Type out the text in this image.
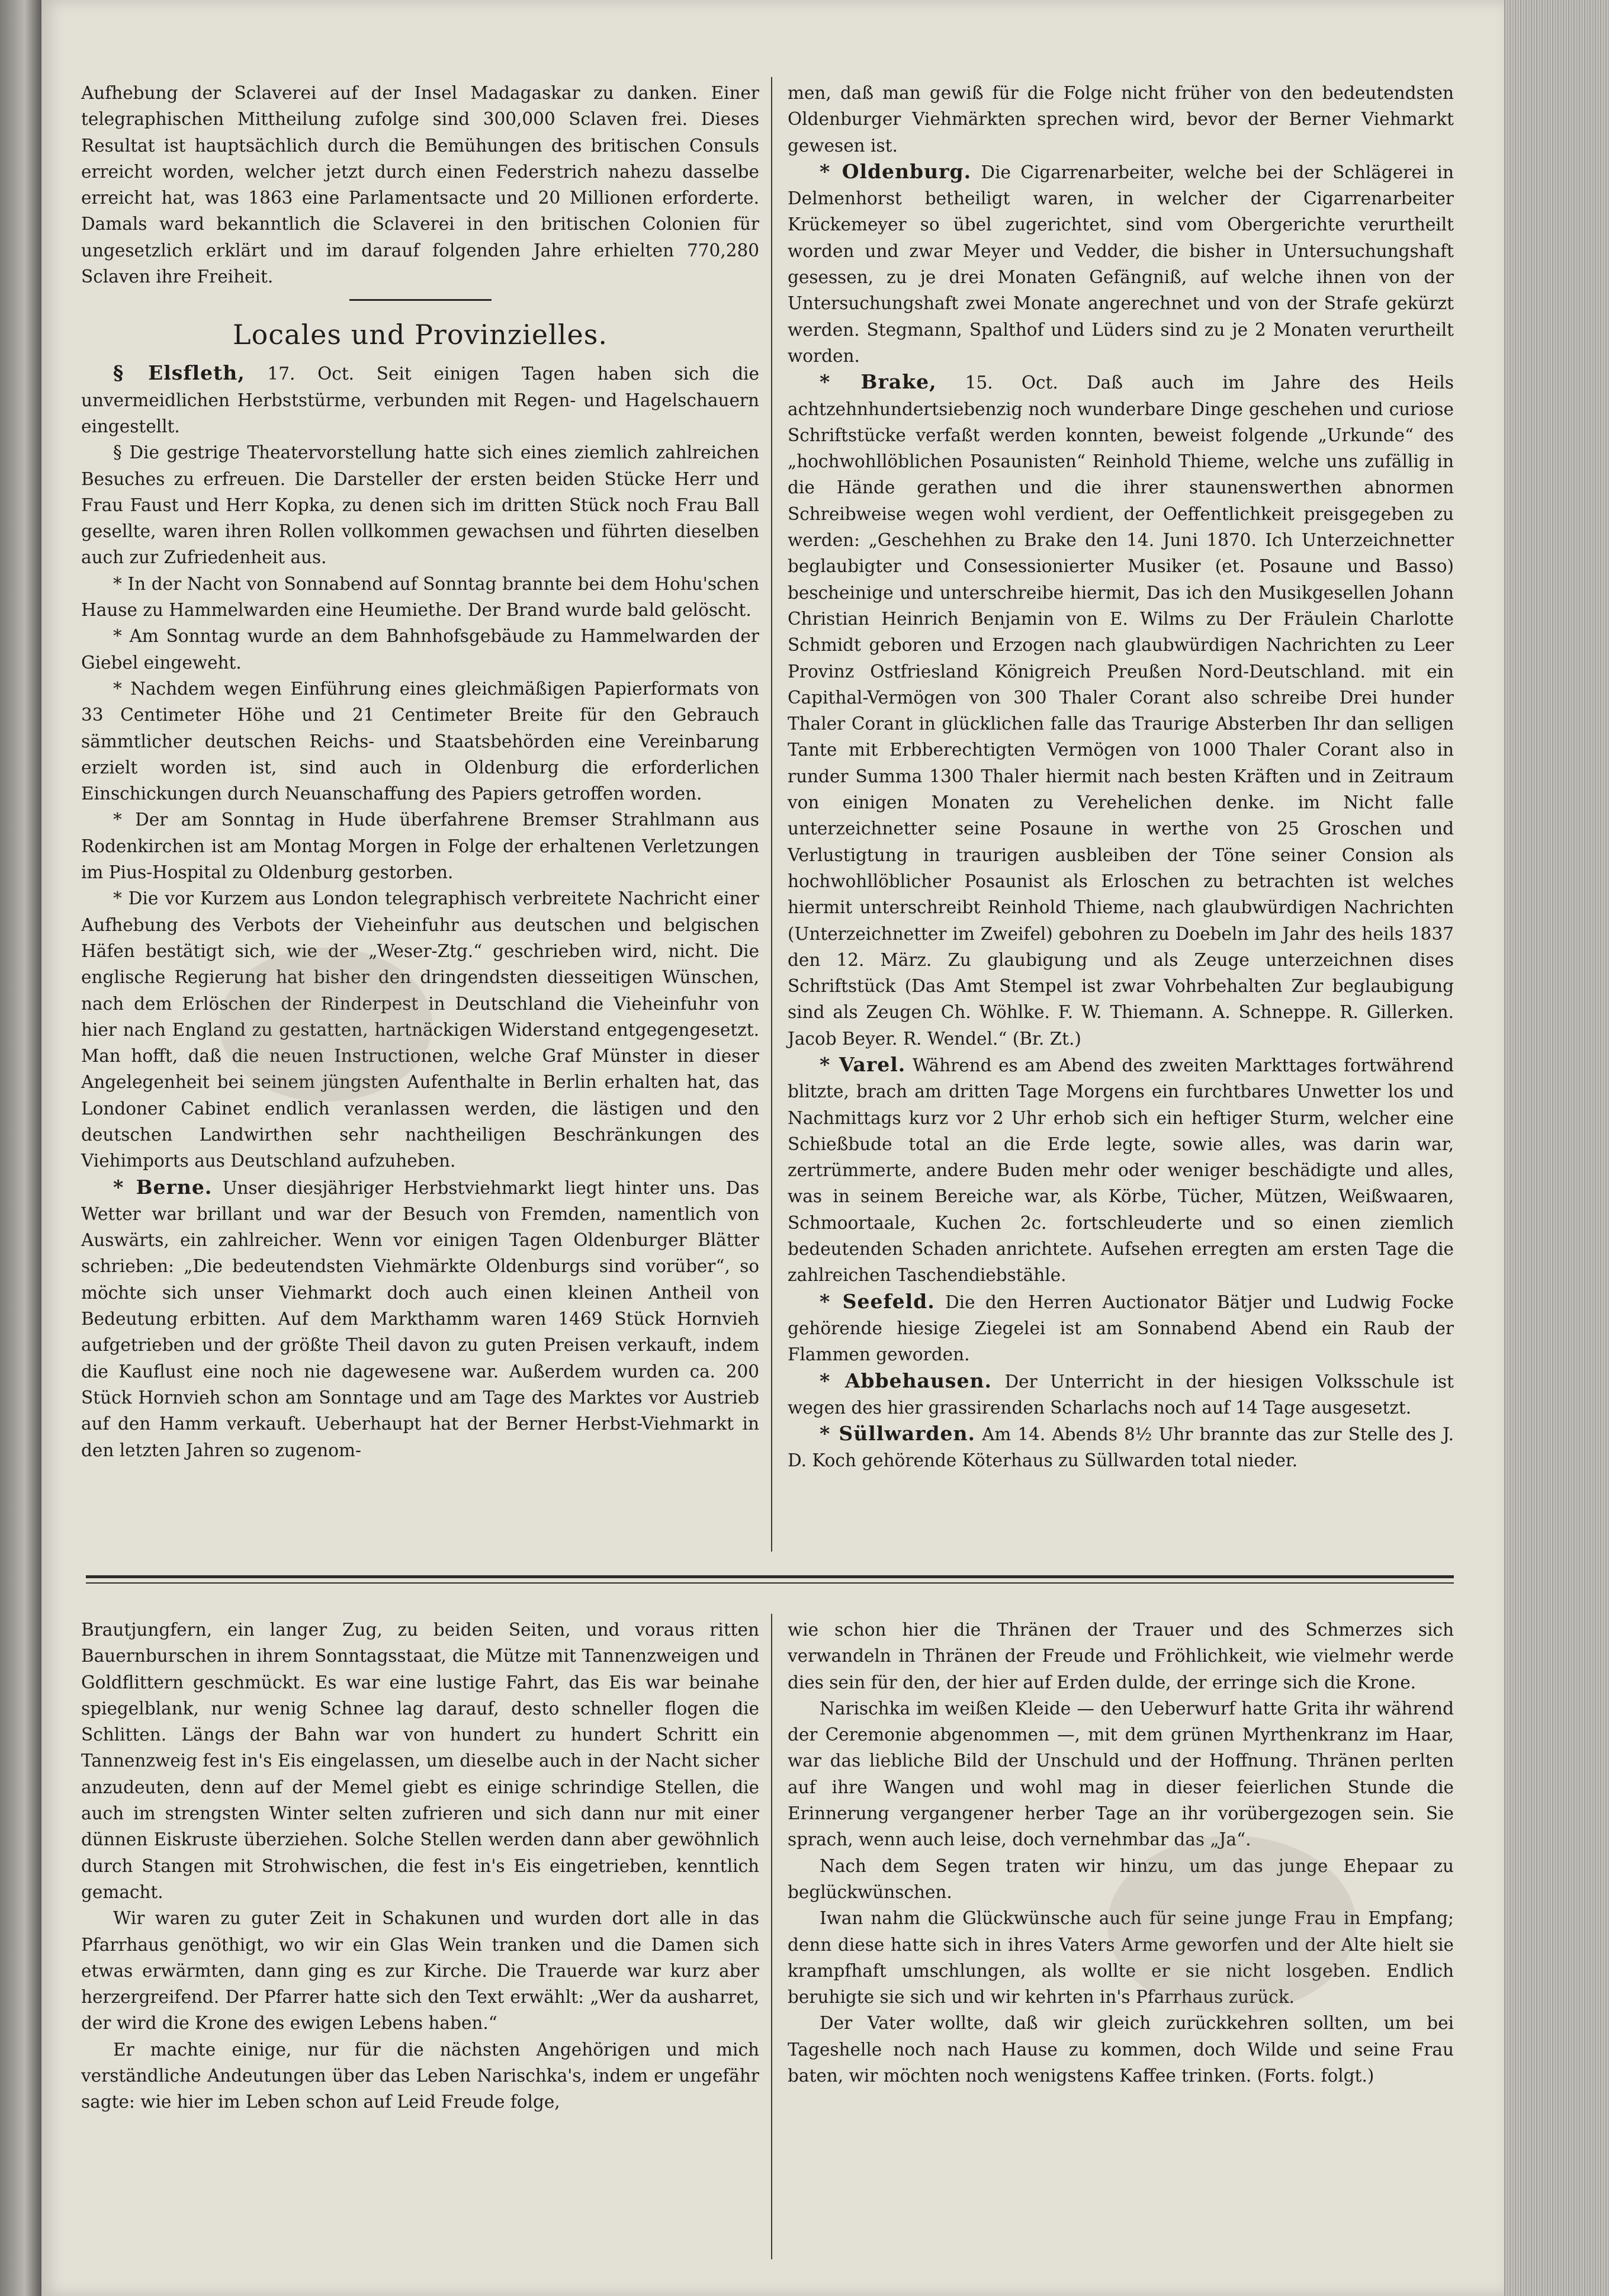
Aufhebung der Sclaverei auf der Insel Madagaskar zu danken. Einer telegraphischen Mittheilung zufolge sind 300,000 Sclaven frei. Dieses Resultat ist hauptsächlich durch die Bemühungen des britischen Consuls erreicht worden, welcher jetzt durch einen Federstrich nahezu dasselbe erreicht hat, was 1863 eine Parlamentsacte und 20 Millionen erforderte. Damals ward bekanntlich die Sclaverei in den britischen Colonien für ungesetzlich erklärt und im darauf folgenden Jahre erhielten 770,280 Sclaven ihre Freiheit.

Locales und Provinzielles.

§ Elsfleth, 17. Oct. Seit einigen Tagen haben sich die unvermeidlichen Herbststürme, verbunden mit Regen- und Hagelschauern eingestellt.

§ Die gestrige Theatervorstellung hatte sich eines ziemlich zahlreichen Besuches zu erfreuen. Die Darsteller der ersten beiden Stücke Herr und Frau Faust und Herr Kopka, zu denen sich im dritten Stück noch Frau Ball gesellte, waren ihren Rollen vollkommen gewachsen und führten dieselben auch zur Zufriedenheit aus.

* In der Nacht von Sonnabend auf Sonntag brannte bei dem Hohu'schen Hause zu Hammelwarden eine Heumiethe. Der Brand wurde bald gelöscht.

* Am Sonntag wurde an dem Bahnhofsgebäude zu Hammelwarden der Giebel eingeweht.

* Nachdem wegen Einführung eines gleichmäßigen Papierformats von 33 Centimeter Höhe und 21 Centimeter Breite für den Gebrauch sämmtlicher deutschen Reichs- und Staatsbehörden eine Vereinbarung erzielt worden ist, sind auch in Oldenburg die erforderlichen Einschickungen durch Neuanschaffung des Papiers getroffen worden.

* Der am Sonntag in Hude überfahrene Bremser Strahlmann aus Rodenkirchen ist am Montag Morgen in Folge der erhaltenen Verletzungen im Pius-Hospital zu Oldenburg gestorben.

* Die vor Kurzem aus London telegraphisch verbreitete Nachricht einer Aufhebung des Verbots der Vieheinfuhr aus deutschen und belgischen Häfen bestätigt sich, wie der „Weser-Ztg.“ geschrieben wird, nicht. Die englische Regierung hat bisher den dringendsten diesseitigen Wünschen, nach dem Erlöschen der Rinderpest in Deutschland die Vieheinfuhr von hier nach England zu gestatten, hartnäckigen Widerstand entgegengesetzt. Man hofft, daß die neuen Instructionen, welche Graf Münster in dieser Angelegenheit bei seinem jüngsten Aufenthalte in Berlin erhalten hat, das Londoner Cabinet endlich veranlassen werden, die lästigen und den deutschen Landwirthen sehr nachtheiligen Beschränkungen des Viehimports aus Deutschland aufzuheben.

* Berne. Unser diesjähriger Herbstviehmarkt liegt hinter uns. Das Wetter war brillant und war der Besuch von Fremden, namentlich von Auswärts, ein zahlreicher. Wenn vor einigen Tagen Oldenburger Blätter schrieben: „Die bedeutendsten Viehmärkte Oldenburgs sind vorüber“, so möchte sich unser Viehmarkt doch auch einen kleinen Antheil von Bedeutung erbitten. Auf dem Markthamm waren 1469 Stück Hornvieh aufgetrieben und der größte Theil davon zu guten Preisen verkauft, indem die Kauflust eine noch nie dagewesene war. Außerdem wurden ca. 200 Stück Hornvieh schon am Sonntage und am Tage des Marktes vor Austrieb auf den Hamm verkauft. Ueberhaupt hat der Berner Herbst-Viehmarkt in den letzten Jahren so zugenom-

men, daß man gewiß für die Folge nicht früher von den bedeutendsten Oldenburger Viehmärkten sprechen wird, bevor der Berner Viehmarkt gewesen ist.

* Oldenburg. Die Cigarrenarbeiter, welche bei der Schlägerei in Delmenhorst betheiligt waren, in welcher der Cigarrenarbeiter Krückemeyer so übel zugerichtet, sind vom Obergerichte verurtheilt worden und zwar Meyer und Vedder, die bisher in Untersuchungshaft gesessen, zu je drei Monaten Gefängniß, auf welche ihnen von der Untersuchungshaft zwei Monate angerechnet und von der Strafe gekürzt werden. Stegmann, Spalthof und Lüders sind zu je 2 Monaten verurtheilt worden.

* Brake, 15. Oct. Daß auch im Jahre des Heils achtzehnhundertsiebenzig noch wunderbare Dinge geschehen und curiose Schriftstücke verfaßt werden konnten, beweist folgende „Urkunde“ des „hochwohllöblichen Posaunisten“ Reinhold Thieme, welche uns zufällig in die Hände gerathen und die ihrer staunenswerthen abnormen Schreibweise wegen wohl verdient, der Oeffentlichkeit preisgegeben zu werden: „Geschehhen zu Brake den 14. Juni 1870. Ich Unterzeichnetter beglaubigter und Consessionierter Musiker (et. Posaune und Basso) bescheinige und unterschreibe hiermit, Das ich den Musikgesellen Johann Christian Heinrich Benjamin von E. Wilms zu Der Fräulein Charlotte Schmidt geboren und Erzogen nach glaubwürdigen Nachrichten zu Leer Provinz Ostfriesland Königreich Preußen Nord-Deutschland. mit ein Capithal-Vermögen von 300 Thaler Corant also schreibe Drei hunder Thaler Corant in glücklichen falle das Traurige Absterben Ihr dan selligen Tante mit Erbberechtigten Vermögen von 1000 Thaler Corant also in runder Summa 1300 Thaler hiermit nach besten Kräften und in Zeitraum von einigen Monaten zu Verehelichen denke. im Nicht falle unterzeichnetter seine Posaune in werthe von 25 Groschen und Verlustigtung in traurigen ausbleiben der Töne seiner Consion als hochwohllöblicher Posaunist als Erloschen zu betrachten ist welches hiermit unterschreibt Reinhold Thieme, nach glaubwürdigen Nachrichten (Unterzeichnetter im Zweifel) gebohren zu Doebeln im Jahr des heils 1837 den 12. März. Zu glaubigung und als Zeuge unterzeichnen dises Schriftstück (Das Amt Stempel ist zwar Vohrbehalten Zur beglaubigung sind als Zeugen Ch. Wöhlke. F. W. Thiemann. A. Schneppe. R. Gillerken. Jacob Beyer. R. Wendel.“ (Br. Zt.)

* Varel. Während es am Abend des zweiten Markttages fortwährend blitzte, brach am dritten Tage Morgens ein furchtbares Unwetter los und Nachmittags kurz vor 2 Uhr erhob sich ein heftiger Sturm, welcher eine Schießbude total an die Erde legte, sowie alles, was darin war, zertrümmerte, andere Buden mehr oder weniger beschädigte und alles, was in seinem Bereiche war, als Körbe, Tücher, Mützen, Weißwaaren, Schmoortaale, Kuchen 2c. fortschleuderte und so einen ziemlich bedeutenden Schaden anrichtete. Aufsehen erregten am ersten Tage die zahlreichen Taschendiebstähle.

* Seefeld. Die den Herren Auctionator Bätjer und Ludwig Focke gehörende hiesige Ziegelei ist am Sonnabend Abend ein Raub der Flammen geworden.

* Abbehausen. Der Unterricht in der hiesigen Volksschule ist wegen des hier grassirenden Scharlachs noch auf 14 Tage ausgesetzt.

* Süllwarden. Am 14. Abends 8½ Uhr brannte das zur Stelle des J. D. Koch gehörende Köterhaus zu Süllwarden total nieder.

Brautjungfern, ein langer Zug, zu beiden Seiten, und voraus ritten Bauernburschen in ihrem Sonntagsstaat, die Mütze mit Tannenzweigen und Goldflittern geschmückt. Es war eine lustige Fahrt, das Eis war beinahe spiegelblank, nur wenig Schnee lag darauf, desto schneller flogen die Schlitten. Längs der Bahn war von hundert zu hundert Schritt ein Tannenzweig fest in's Eis eingelassen, um dieselbe auch in der Nacht sicher anzudeuten, denn auf der Memel giebt es einige schrindige Stellen, die auch im strengsten Winter selten zufrieren und sich dann nur mit einer dünnen Eiskruste überziehen. Solche Stellen werden dann aber gewöhnlich durch Stangen mit Strohwischen, die fest in's Eis eingetrieben, kenntlich gemacht.

Wir waren zu guter Zeit in Schakunen und wurden dort alle in das Pfarrhaus genöthigt, wo wir ein Glas Wein tranken und die Damen sich etwas erwärmten, dann ging es zur Kirche. Die Trauerde war kurz aber herzergreifend. Der Pfarrer hatte sich den Text erwählt: „Wer da ausharret, der wird die Krone des ewigen Lebens haben.“

Er machte einige, nur für die nächsten Angehörigen und mich verständliche Andeutungen über das Leben Narischka's, indem er ungefähr sagte: wie hier im Leben schon auf Leid Freude folge,

wie schon hier die Thränen der Trauer und des Schmerzes sich verwandeln in Thränen der Freude und Fröhlichkeit, wie vielmehr werde dies sein für den, der hier auf Erden dulde, der erringe sich die Krone.

Narischka im weißen Kleide — den Ueberwurf hatte Grita ihr während der Ceremonie abgenommen —, mit dem grünen Myrthenkranz im Haar, war das liebliche Bild der Unschuld und der Hoffnung. Thränen perlten auf ihre Wangen und wohl mag in dieser feierlichen Stunde die Erinnerung vergangener herber Tage an ihr vorübergezogen sein. Sie sprach, wenn auch leise, doch vernehmbar das „Ja“.

Nach dem Segen traten wir hinzu, um das junge Ehepaar zu beglückwünschen.

Iwan nahm die Glückwünsche auch für seine junge Frau in Empfang; denn diese hatte sich in ihres Vaters Arme geworfen und der Alte hielt sie krampfhaft umschlungen, als wollte er sie nicht losgeben. Endlich beruhigte sie sich und wir kehrten in's Pfarrhaus zurück.

Der Vater wollte, daß wir gleich zurückkehren sollten, um bei Tageshelle noch nach Hause zu kommen, doch Wilde und seine Frau baten, wir möchten noch wenigstens Kaffee trinken. (Forts. folgt.)
